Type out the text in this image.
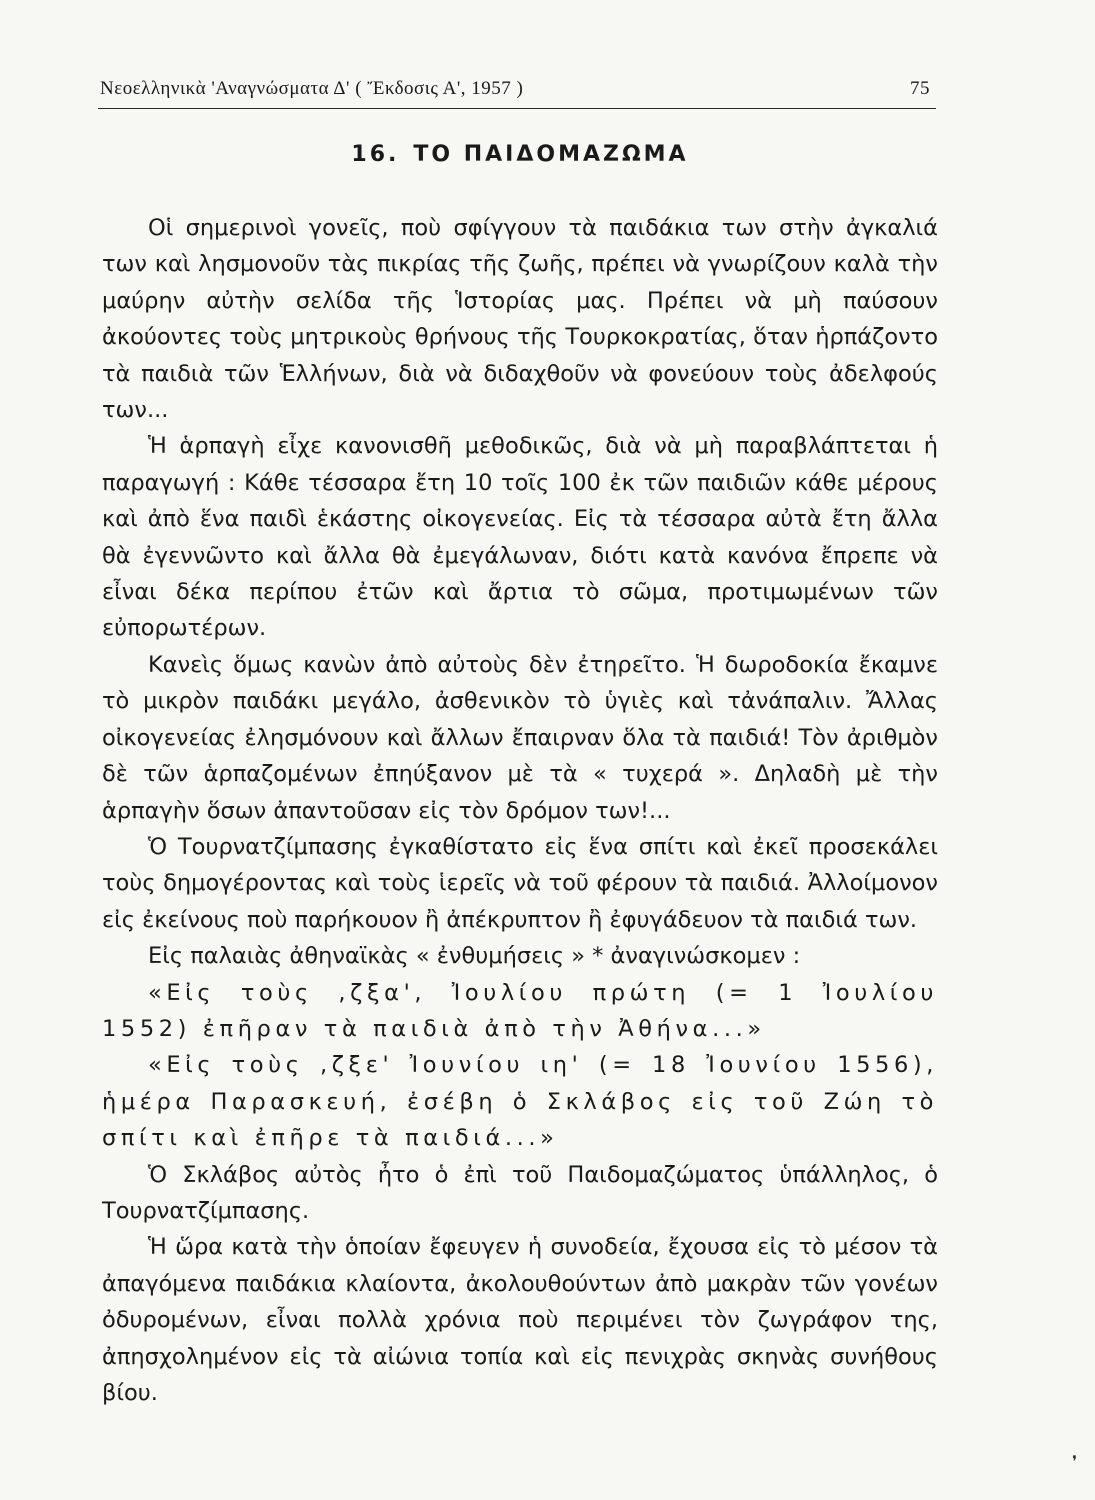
Νεοελληνικὰ 'Αναγνώσματα Δ' ( Ἔκδοσις Α', 1957 )	75
16. ΤΟ ΠΑΙΔΟΜΑΖΩΜΑ

Οἱ σημερινοὶ γονεῖς, ποὺ σφίγγουν τὰ παιδάκια των στὴν ἀγκαλιά των καὶ λησμονοῦν τὰς πικρίας τῆς ζωῆς, πρέπει νὰ γνωρίζουν καλὰ τὴν μαύρην αὐτὴν σελίδα τῆς Ἱστορίας μας. Πρέπει νὰ μὴ παύσουν ἀκούοντες τοὺς μητρικοὺς θρήνους τῆς Τουρκοκρατίας, ὅταν ἡρπάζοντο τὰ παιδιὰ τῶν Ἑλλήνων, διὰ νὰ διδαχθοῦν νὰ φονεύουν τοὺς ἀδελφούς των...

Ἡ ἁρπαγὴ εἶχε κανονισθῆ μεθοδικῶς, διὰ νὰ μὴ παραβλάπτεται ἡ παραγωγή : Κάθε τέσσαρα ἔτη 10 τοῖς 100 ἐκ τῶν παιδιῶν κάθε μέρους καὶ ἀπὸ ἕνα παιδὶ ἑκάστης οἰκογενείας. Εἰς τὰ τέσσαρα αὐτὰ ἔτη ἄλλα θὰ ἐγεννῶντο καὶ ἄλλα θὰ ἐμεγάλωναν, διότι κατὰ κανόνα ἔπρεπε νὰ εἶναι δέκα περίπου ἐτῶν καὶ ἄρτια τὸ σῶμα, προτιμωμένων τῶν εὐπορωτέρων.

Κανεὶς ὅμως κανὼν ἀπὸ αὐτοὺς δὲν ἐτηρεῖτο. Ἡ δωροδοκία ἔκαμνε τὸ μικρὸν παιδάκι μεγάλο, ἀσθενικὸν τὸ ὑγιὲς καὶ τἀνάπαλιν. Ἄλλας οἰκογενείας ἐλησμόνουν καὶ ἄλλων ἔπαιρναν ὅλα τὰ παιδιά! Τὸν ἀριθμὸν δὲ τῶν ἁρπαζομένων ἐπηύξανον μὲ τὰ « τυχερά ». Δηλαδὴ μὲ τὴν ἁρπαγὴν ὅσων ἀπαντοῦσαν εἰς τὸν δρόμον των!...

Ὁ Τουρνατζίμπασης ἐγκαθίστατο εἰς ἕνα σπίτι καὶ ἐκεῖ προσεκάλει τοὺς δημογέροντας καὶ τοὺς ἱερεῖς νὰ τοῦ φέρουν τὰ παιδιά. Ἀλλοίμονον εἰς ἐκείνους ποὺ παρήκουον ἢ ἀπέκρυπτον ἢ ἐφυγάδευον τὰ παιδιά των.

Εἰς παλαιὰς ἀθηναϊκὰς « ἐνθυμήσεις » * ἀναγινώσκομεν :

«Εἰς τοὺς ,ζξα', Ἰουλίου πρώτη (= 1 Ἰουλίου 1552) ἐπῆραν τὰ παιδιὰ ἀπὸ τὴν Ἀθήνα...»

«Εἰς τοὺς ,ζξε' Ἰουνίου ιη' (= 18 Ἰουνίου 1556), ἡμέρα Παρασκευή, ἐσέβη ὁ Σκλάβος εἰς τοῦ Ζώη τὸ σπίτι καὶ ἐπῆρε τὰ παιδιά...»

Ὁ Σκλάβος αὐτὸς ἦτο ὁ ἐπὶ τοῦ Παιδομαζώματος ὑπάλληλος, ὁ Τουρνατζίμπασης.

Ἡ ὥρα κατὰ τὴν ὁποίαν ἔφευγεν ἡ συνοδεία, ἔχουσα εἰς τὸ μέσον τὰ ἀπαγόμενα παιδάκια κλαίοντα, ἀκολουθούντων ἀπὸ μακρὰν τῶν γονέων ὀδυρομένων, εἶναι πολλὰ χρόνια ποὺ περιμένει τὸν ζωγράφον της, ἀπησχολημένον εἰς τὰ αἰώνια τοπία καὶ εἰς πενιχρὰς σκηνὰς συνήθους βίου.

❜
